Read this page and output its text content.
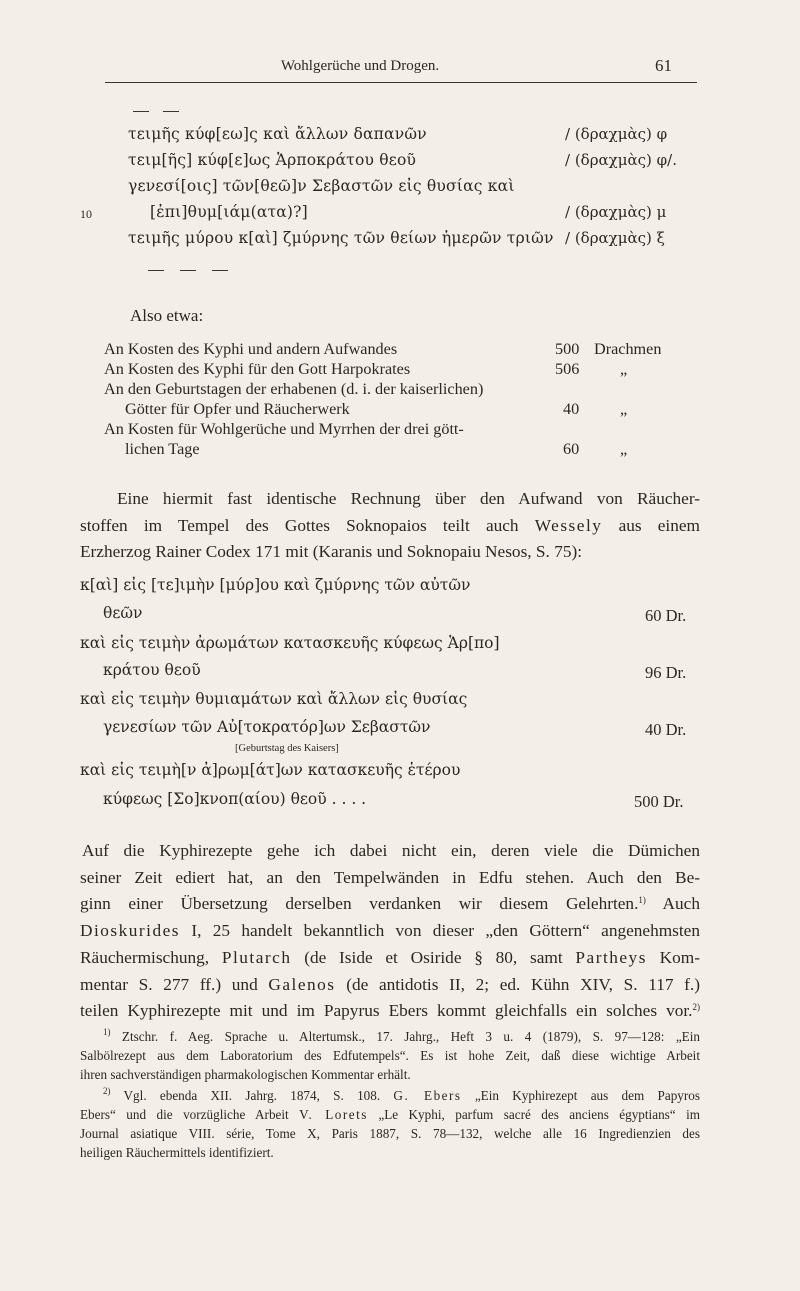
Wohlgerüche und Drogen.	61
τειμῆς κύφ[εω]ς καὶ ἄλλων δαπανῶν	/ (δραχμὰς) φ
τειμ[ῆς] κύφ[ε]ως Ἁρποκράτου θεοῦ	/ (δραχμὰς) φ/.
γενεσί[οις] τῶν[θεῶ]ν Σεβαστῶν εἰς θυσίας καὶ
10	[ἐπι]θυμ[ιάμ(ατα)?]	/ (δραχμὰς) μ
τειμῆς μύρου κ[αὶ] ζμύρνης τῶν θείων ἡμερῶν τριῶν / (δραχμὰς) ξ
Also etwa:
An Kosten des Kyphi und andern Aufwandes	500 Drachmen
An Kosten des Kyphi für den Gott Harpokrates	506	„
An den Geburtstagen der erhabenen (d. i. der kaiserlichen)
Götter für Opfer und Räucherwerk	40	„
An Kosten für Wohlgerüche und Myrrhen der drei gött-
lichen Tage	60	„
Eine hiermit fast identische Rechnung über den Aufwand von Räucher-
stoffen im Tempel des Gottes Soknopaios teilt auch Wessely aus einem
Erzherzog Rainer Codex 171 mit (Karanis und Soknopaiu Nesos, S. 75):
κ[αὶ] εἰς [τε]ιμὴν [μύρ]ου καὶ ζμύρνης τῶν αὐτῶν
θεῶν	60 Dr.
καὶ εἰς τειμὴν ἀρωμάτων κατασκευῆς κύφεως Ἁρ[πο]
κράτου θεοῦ	96 Dr.
καὶ εἰς τειμὴν θυμιαμάτων καὶ ἄλλων εἰς θυσίας
γενεσίων τῶν Αὐ[τοκρατόρ]ων Σεβαστῶν	40 Dr.
[Geburtstag des Kaisers]
καὶ εἰς τειμὴ[ν ἀ]ρωμ[άτ]ων κατασκευῆς ἑτέρου
κύφεως [Σο]κνοπ(αίου) θεοῦ . . . .	500 Dr.
Auf die Kyphirezepte gehe ich dabei nicht ein, deren viele die Dümichen
seiner Zeit ediert hat, an den Tempelwänden in Edfu stehen. Auch den Be-
ginn einer Übersetzung derselben verdanken wir diesem Gelehrten.$^{1)}$ Auch
Dioskurides I, 25 handelt bekanntlich von dieser „den Göttern“ angenehmsten
Räuchermischung, Plutarch (de Iside et Osiride § 80, samt Partheys Kom-
mentar S. 277 ff.) und Galenos (de antidotis II, 2; ed. Kühn XIV, S. 117 f.)
teilen Kyphirezepte mit und im Papyrus Ebers kommt gleichfalls ein solches vor.$^{2)}$
$^{1)}$ Ztschr. f. Aeg. Sprache u. Altertumsk., 17. Jahrg., Heft 3 u. 4 (1879), S. 97—128: „Ein
Salbölrezept aus dem Laboratorium des Edfutempels“. Es ist hohe Zeit, daß diese wichtige Arbeit
ihren sachverständigen pharmakologischen Kommentar erhält.
$^{2)}$ Vgl. ebenda XII. Jahrg. 1874, S. 108. G. Ebers „Ein Kyphirezept aus dem Papyros
Ebers“ und die vorzügliche Arbeit V. Lorets „Le Kyphi, parfum sacré des anciens égyptians“ im
Journal asiatique VIII. série, Tome X, Paris 1887, S. 78—132, welche alle 16 Ingredienzien des
heiligen Räuchermittels identifiziert.
